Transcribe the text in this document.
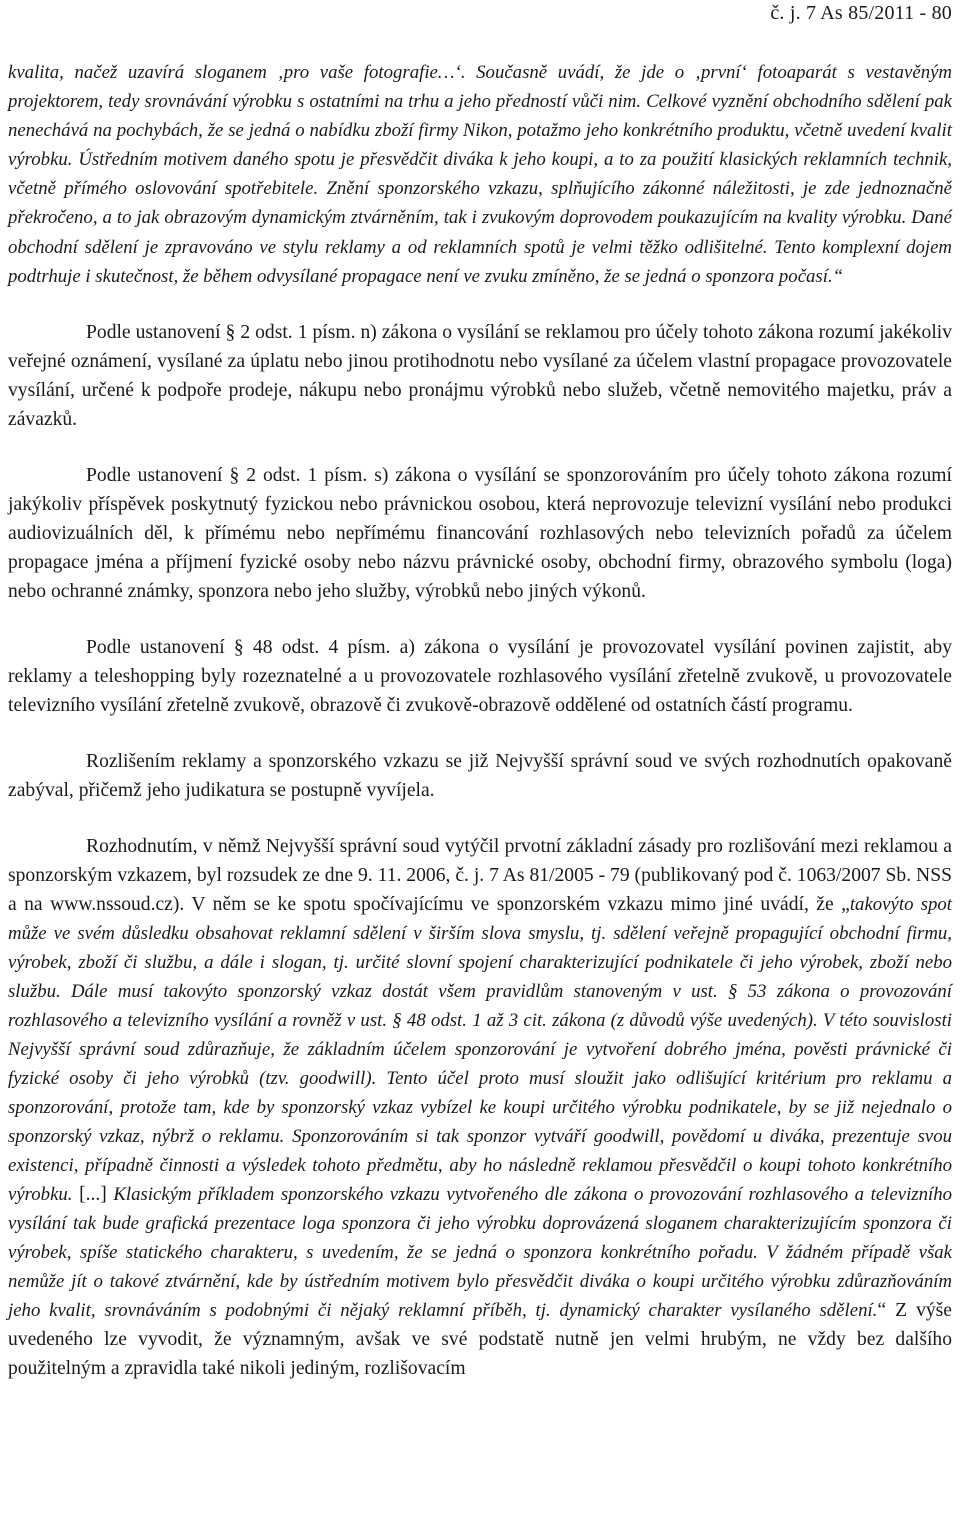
č. j. 7 As 85/2011 - 80

kvalita, načež uzavírá sloganem ‚pro vaše fotografie…‘. Současně uvádí, že jde o ‚první‘ fotoaparát s vestavěným projektorem, tedy srovnávání výrobku s ostatními na trhu a jeho předností vůči nim. Celkové vyznění obchodního sdělení pak nenechává na pochybách, že se jedná o nabídku zboží firmy Nikon, potažmo jeho konkrétního produktu, včetně uvedení kvalit výrobku. Ústředním motivem daného spotu je přesvědčit diváka k jeho koupi, a to za použití klasických reklamních technik, včetně přímého oslovování spotřebitele. Znění sponzorského vzkazu, splňujícího zákonné náležitosti, je zde jednoznačně překročeno, a to jak obrazovým dynamickým ztvárněním, tak i zvukovým doprovodem poukazujícím na kvality výrobku. Dané obchodní sdělení je zpravováno ve stylu reklamy a od reklamních spotů je velmi těžko odlišitelné. Tento komplexní dojem podtrhuje i skutečnost, že během odvysílané propagace není ve zvuku zmíněno, že se jedná o sponzora počasí.“

Podle ustanovení § 2 odst. 1 písm. n) zákona o vysílání se reklamou pro účely tohoto zákona rozumí jakékoliv veřejné oznámení, vysílané za úplatu nebo jinou protihodnotu nebo vysílané za účelem vlastní propagace provozovatele vysílání, určené k podpoře prodeje, nákupu nebo pronájmu výrobků nebo služeb, včetně nemovitého majetku, práv a závazků.

Podle ustanovení § 2 odst. 1 písm. s) zákona o vysílání se sponzorováním pro účely tohoto zákona rozumí jakýkoliv příspěvek poskytnutý fyzickou nebo právnickou osobou, která neprovozuje televizní vysílání nebo produkci audiovizuálních děl, k přímému nebo nepřímému financování rozhlasových nebo televizních pořadů za účelem propagace jména a příjmení fyzické osoby nebo názvu právnické osoby, obchodní firmy, obrazového symbolu (loga) nebo ochranné známky, sponzora nebo jeho služby, výrobků nebo jiných výkonů.

Podle ustanovení § 48 odst. 4 písm. a) zákona o vysílání je provozovatel vysílání povinen zajistit, aby reklamy a teleshopping byly rozeznatelné a u provozovatele rozhlasového vysílání zřetelně zvukově, u provozovatele televizního vysílání zřetelně zvukově, obrazově či zvukově-obrazově oddělené od ostatních částí programu.

Rozlišením reklamy a sponzorského vzkazu se již Nejvyšší správní soud ve svých rozhodnutích opakovaně zabýval, přičemž jeho judikatura se postupně vyvíjela.

Rozhodnutím, v němž Nejvyšší správní soud vytýčil prvotní základní zásady pro rozlišování mezi reklamou a sponzorským vzkazem, byl rozsudek ze dne 9. 11. 2006, č. j. 7 As 81/2005 - 79 (publikovaný pod č. 1063/2007 Sb. NSS a na www.nssoud.cz). V něm se ke spotu spočívajícímu ve sponzorském vzkazu mimo jiné uvádí, že „takovýto spot může ve svém důsledku obsahovat reklamní sdělení v širším slova smyslu, tj. sdělení veřejně propagující obchodní firmu, výrobek, zboží či službu, a dále i slogan, tj. určité slovní spojení charakterizující podnikatele či jeho výrobek, zboží nebo službu. Dále musí takovýto sponzorský vzkaz dostát všem pravidlům stanoveným v ust. § 53 zákona o provozování rozhlasového a televizního vysílání a rovněž v ust. § 48 odst. 1 až 3 cit. zákona (z důvodů výše uvedených). V této souvislosti Nejvyšší správní soud zdůrazňuje, že základním účelem sponzorování je vytvoření dobrého jména, pověsti právnické či fyzické osoby či jeho výrobků (tzv. goodwill). Tento účel proto musí sloužit jako odlišující kritérium pro reklamu a sponzorování, protože tam, kde by sponzorský vzkaz vybízel ke koupi určitého výrobku podnikatele, by se již nejednalo o sponzorský vzkaz, nýbrž o reklamu. Sponzorováním si tak sponzor vytváří goodwill, povědomí u diváka, prezentuje svou existenci, případně činnosti a výsledek tohoto předmětu, aby ho následně reklamou přesvědčil o koupi tohoto konkrétního výrobku. [...] Klasickým příkladem sponzorského vzkazu vytvořeného dle zákona o provozování rozhlasového a televizního vysílání tak bude grafická prezentace loga sponzora či jeho výrobku doprovázená sloganem charakterizujícím sponzora či výrobek, spíše statického charakteru, s uvedením, že se jedná o sponzora konkrétního pořadu. V žádném případě však nemůže jít o takové ztvárnění, kde by ústředním motivem bylo přesvědčit diváka o koupi určitého výrobku zdůrazňováním jeho kvalit, srovnáváním s podobnými či nějaký reklamní příběh, tj. dynamický charakter vysílaného sdělení.“ Z výše uvedeného lze vyvodit, že významným, avšak ve své podstatě nutně jen velmi hrubým, ne vždy bez dalšího použitelným a zpravidla také nikoli jediným, rozlišovacím
